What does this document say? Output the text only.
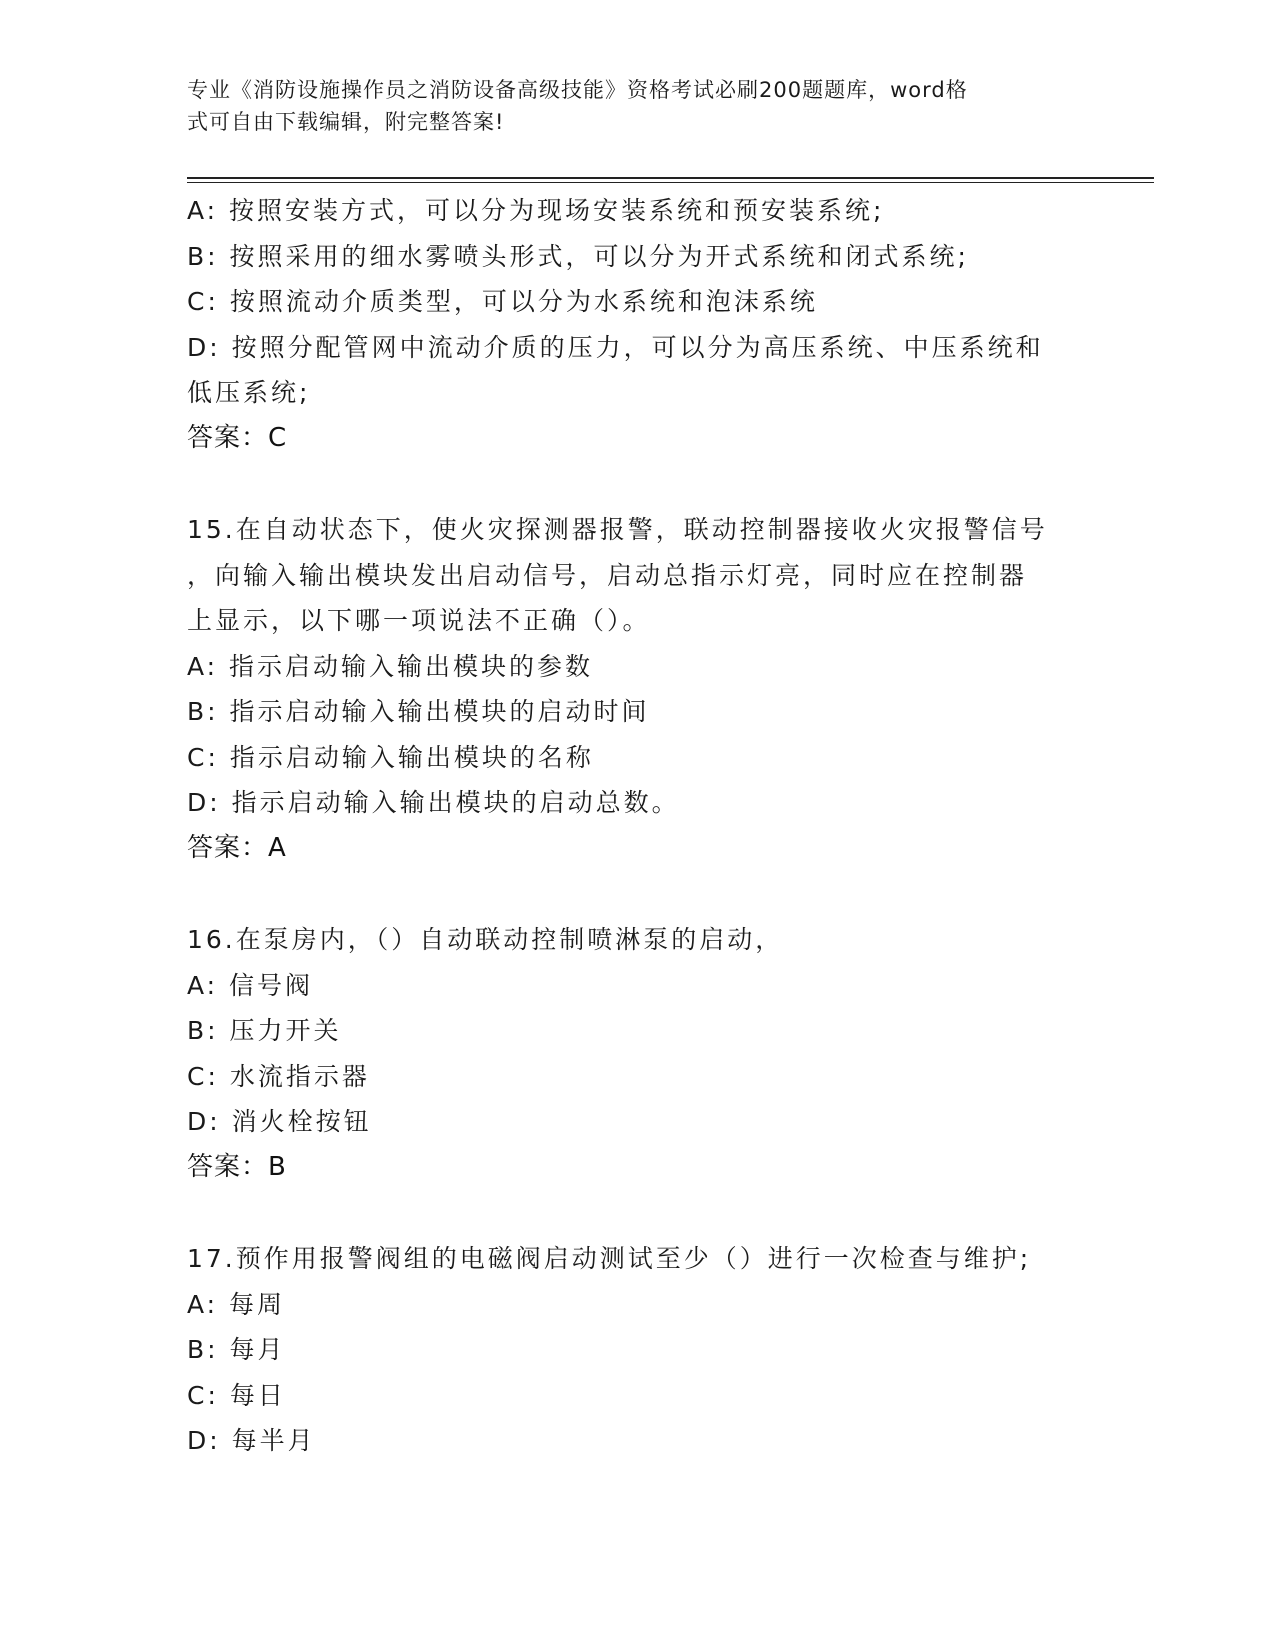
专业《消防设施操作员之消防设备高级技能》资格考试必刷200题题库，word格
式可自由下载编辑，附完整答案!
A: 按照安装方式，可以分为现场安装系统和预安装系统;
B: 按照采用的细水雾喷头形式，可以分为开式系统和闭式系统;
C: 按照流动介质类型，可以分为水系统和泡沫系统
D: 按照分配管网中流动介质的压力，可以分为高压系统、中压系统和
低压系统;
答案：C
15.在自动状态下，使火灾探测器报警，联动控制器接收火灾报警信号
，向输入输出模块发出启动信号，启动总指示灯亮，同时应在控制器
上显示，以下哪一项说法不正确（）。
A: 指示启动输入输出模块的参数
B: 指示启动输入输出模块的启动时间
C: 指示启动输入输出模块的名称
D: 指示启动输入输出模块的启动总数。
答案：A
16.在泵房内，（）自动联动控制喷淋泵的启动，
A: 信号阀
B: 压力开关
C: 水流指示器
D: 消火栓按钮
答案：B
17.预作用报警阀组的电磁阀启动测试至少（）进行一次检查与维护;
A: 每周
B: 每月
C: 每日
D: 每半月
